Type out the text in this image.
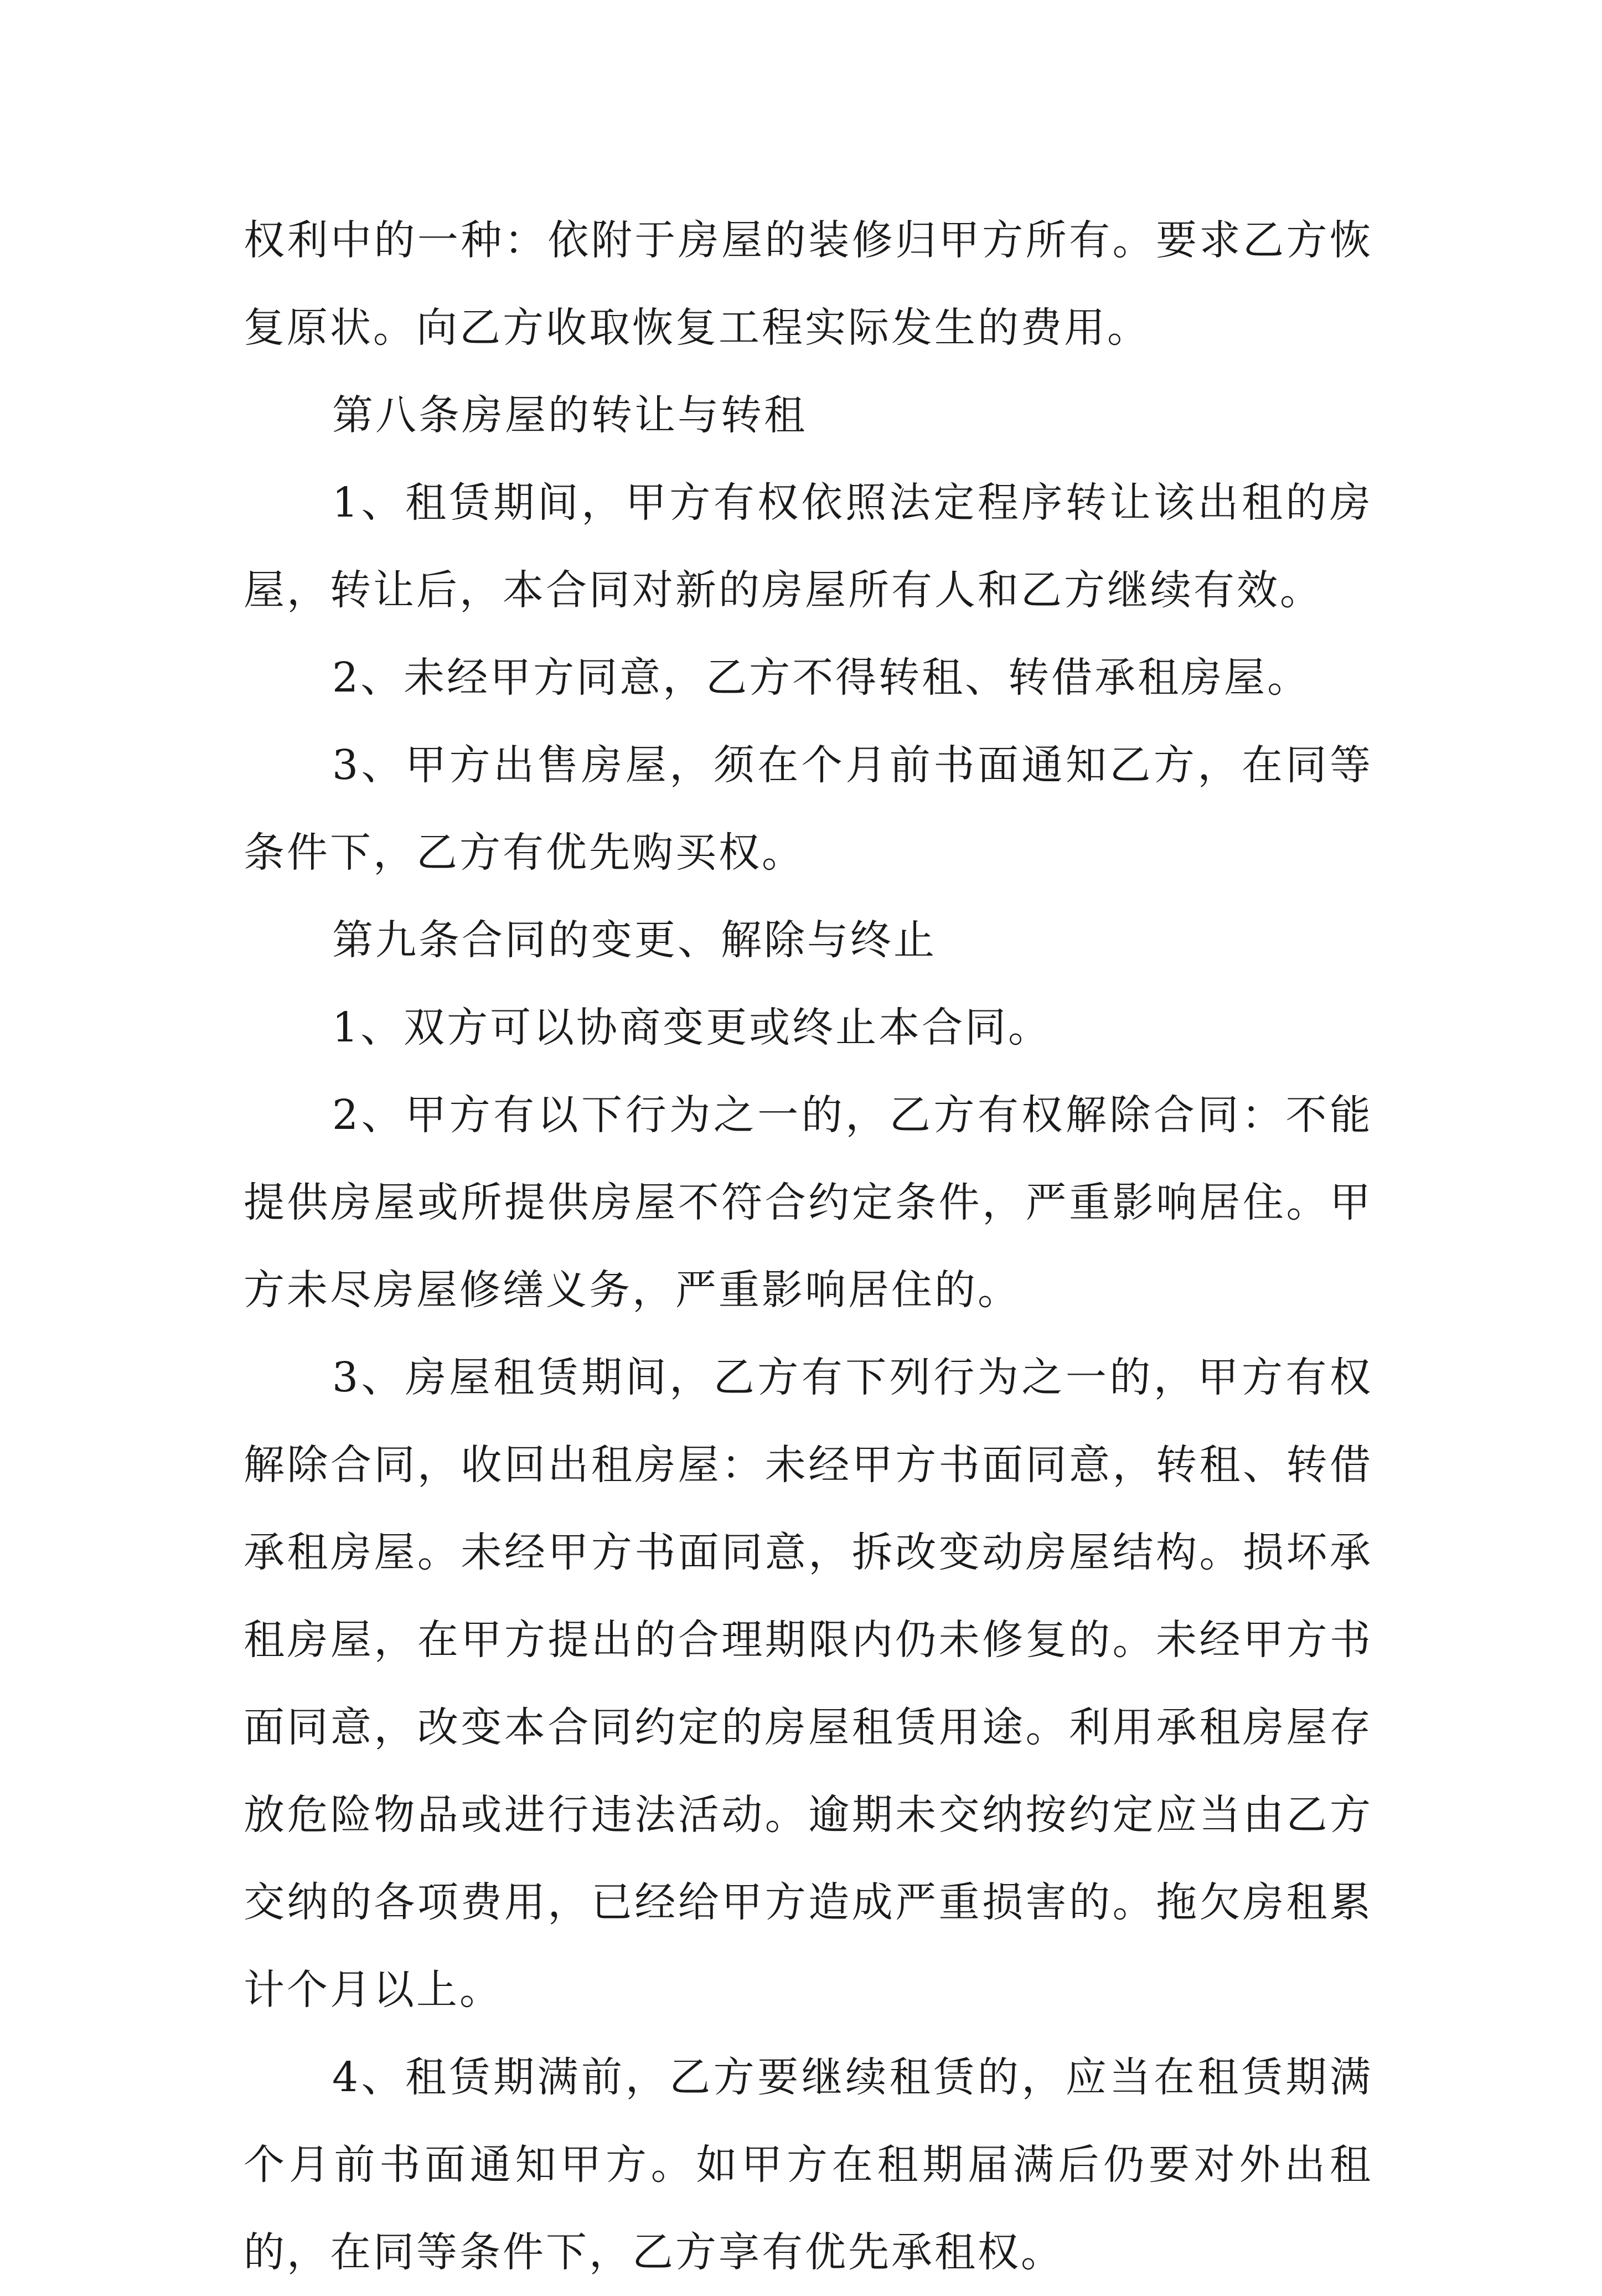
权利中的一种：依附于房屋的装修归甲方所有。要求乙方恢复原状。向乙方收取恢复工程实际发生的费用。

第八条房屋的转让与转租

1、租赁期间，甲方有权依照法定程序转让该出租的房屋，转让后，本合同对新的房屋所有人和乙方继续有效。

2、未经甲方同意，乙方不得转租、转借承租房屋。

3、甲方出售房屋，须在个月前书面通知乙方，在同等条件下，乙方有优先购买权。

第九条合同的变更、解除与终止

1、双方可以协商变更或终止本合同。

2、甲方有以下行为之一的，乙方有权解除合同：不能提供房屋或所提供房屋不符合约定条件，严重影响居住。甲方未尽房屋修缮义务，严重影响居住的。

3、房屋租赁期间，乙方有下列行为之一的，甲方有权解除合同，收回出租房屋：未经甲方书面同意，转租、转借承租房屋。未经甲方书面同意，拆改变动房屋结构。损坏承租房屋，在甲方提出的合理期限内仍未修复的。未经甲方书面同意，改变本合同约定的房屋租赁用途。利用承租房屋存放危险物品或进行违法活动。逾期未交纳按约定应当由乙方交纳的各项费用，已经给甲方造成严重损害的。拖欠房租累计个月以上。

4、租赁期满前，乙方要继续租赁的，应当在租赁期满个月前书面通知甲方。如甲方在租期届满后仍要对外出租的，在同等条件下，乙方享有优先承租权。
